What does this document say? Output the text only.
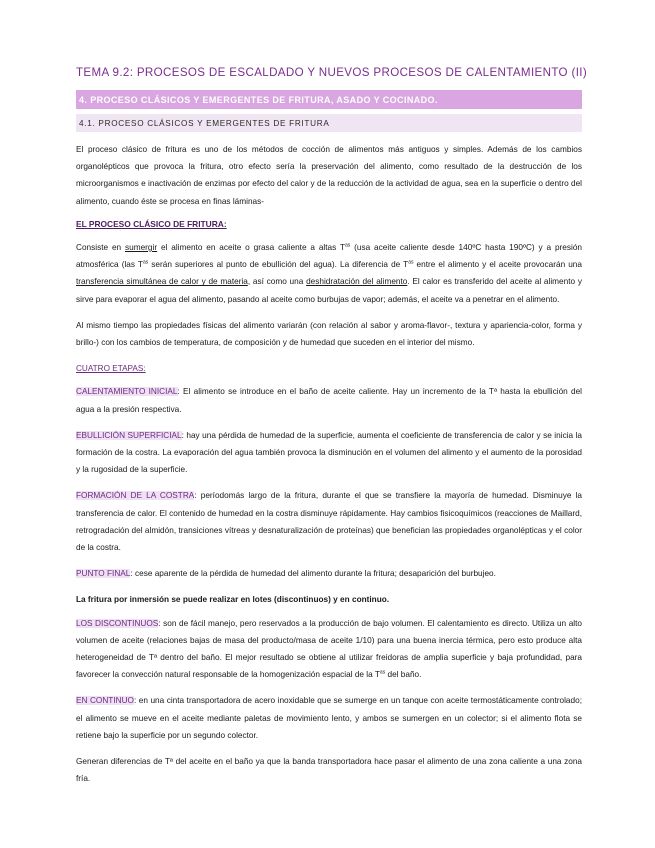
TEMA 9.2: PROCESOS DE ESCALDADO Y NUEVOS PROCESOS DE CALENTAMIENTO (II)
4. PROCESO CLÁSICOS Y EMERGENTES DE FRITURA, ASADO Y COCINADO.
4.1. PROCESO CLÁSICOS Y EMERGENTES DE FRITURA

El proceso clásico de fritura es uno de los métodos de cocción de alimentos más antiguos y simples. Además de los cambios organolépticos que provoca la fritura, otro efecto sería la preservación del alimento, como resultado de la destrucción de los microorganismos e inactivación de enzimas por efecto del calor y de la reducción de la actividad de agua, sea en la superficie o dentro del alimento, cuando éste se procesa en finas láminas-

EL PROCESO CLÁSICO DE FRITURA:

Consiste en sumergir el alimento en aceite o grasa caliente a altas $T^{as}$ (usa aceite caliente desde 140ºC hasta 190ºC) y a presión atmosférica (las $T^{as}$ serán superiores al punto de ebullición del agua). La diferencia de $T^{as}$ entre el alimento y el aceite provocarán una transferencia simultánea de calor y de materia, así como una deshidratación del alimento. El calor es transferido del aceite al alimento y sirve para evaporar el agua del alimento, pasando al aceite como burbujas de vapor; además, el aceite va a penetrar en el alimento.

Al mismo tiempo las propiedades físicas del alimento variarán (con relación al sabor y aroma-flavor-, textura y apariencia-color, forma y brillo-) con los cambios de temperatura, de composición y de humedad que suceden en el interior del mismo.

CUATRO ETAPAS:

CALENTAMIENTO INICIAL: El alimento se introduce en el baño de aceite caliente. Hay un incremento de la Tª hasta la ebullición del agua a la presión respectiva.

EBULLICIÓN SUPERFICIAL: hay una pérdida de humedad de la superficie, aumenta el coeficiente de transferencia de calor y se inicia la formación de la costra. La evaporación del agua también provoca la disminución en el volumen del alimento y el aumento de la porosidad y la rugosidad de la superficie.

FORMACIÓN DE LA COSTRA: períodomás largo de la fritura, durante el que se transfiere la mayoría de humedad. Disminuye la transferencia de calor. El contenido de humedad en la costra disminuye rápidamente. Hay cambios fisicoquímicos (reacciones de Maillard, retrogradación del almidón, transiciones vítreas y desnaturalización de proteínas) que benefician las propiedades organolépticas y el color de la costra.

PUNTO FINAL: cese aparente de la pérdida de humedad del alimento durante la fritura; desaparición del burbujeo.

La fritura por inmersión se puede realizar en lotes (discontinuos) y en continuo.

LOS DISCONTINUOS: son de fácil manejo, pero reservados a la producción de bajo volumen. El calentamiento es directo. Utiliza un alto volumen de aceite (relaciones bajas de masa del producto/masa de aceite 1/10) para una buena inercia térmica, pero esto produce alta heterogeneidad de Tª dentro del baño. El mejor resultado se obtiene al utilizar freidoras de amplia superficie y baja profundidad, para favorecer la convección natural responsable de la homogenización espacial de la $T^{as}$ del baño.

EN CONTINUO: en una cinta transportadora de acero inoxidable que se sumerge en un tanque con aceite termostáticamente controlado; el alimento se mueve en el aceite mediante paletas de movimiento lento, y ambos se sumergen en un colector; si el alimento flota se retiene bajo la superficie por un segundo colector.

Generan diferencias de Tª del aceite en el baño ya que la banda transportadora hace pasar el alimento de una zona caliente a una zona fría.
